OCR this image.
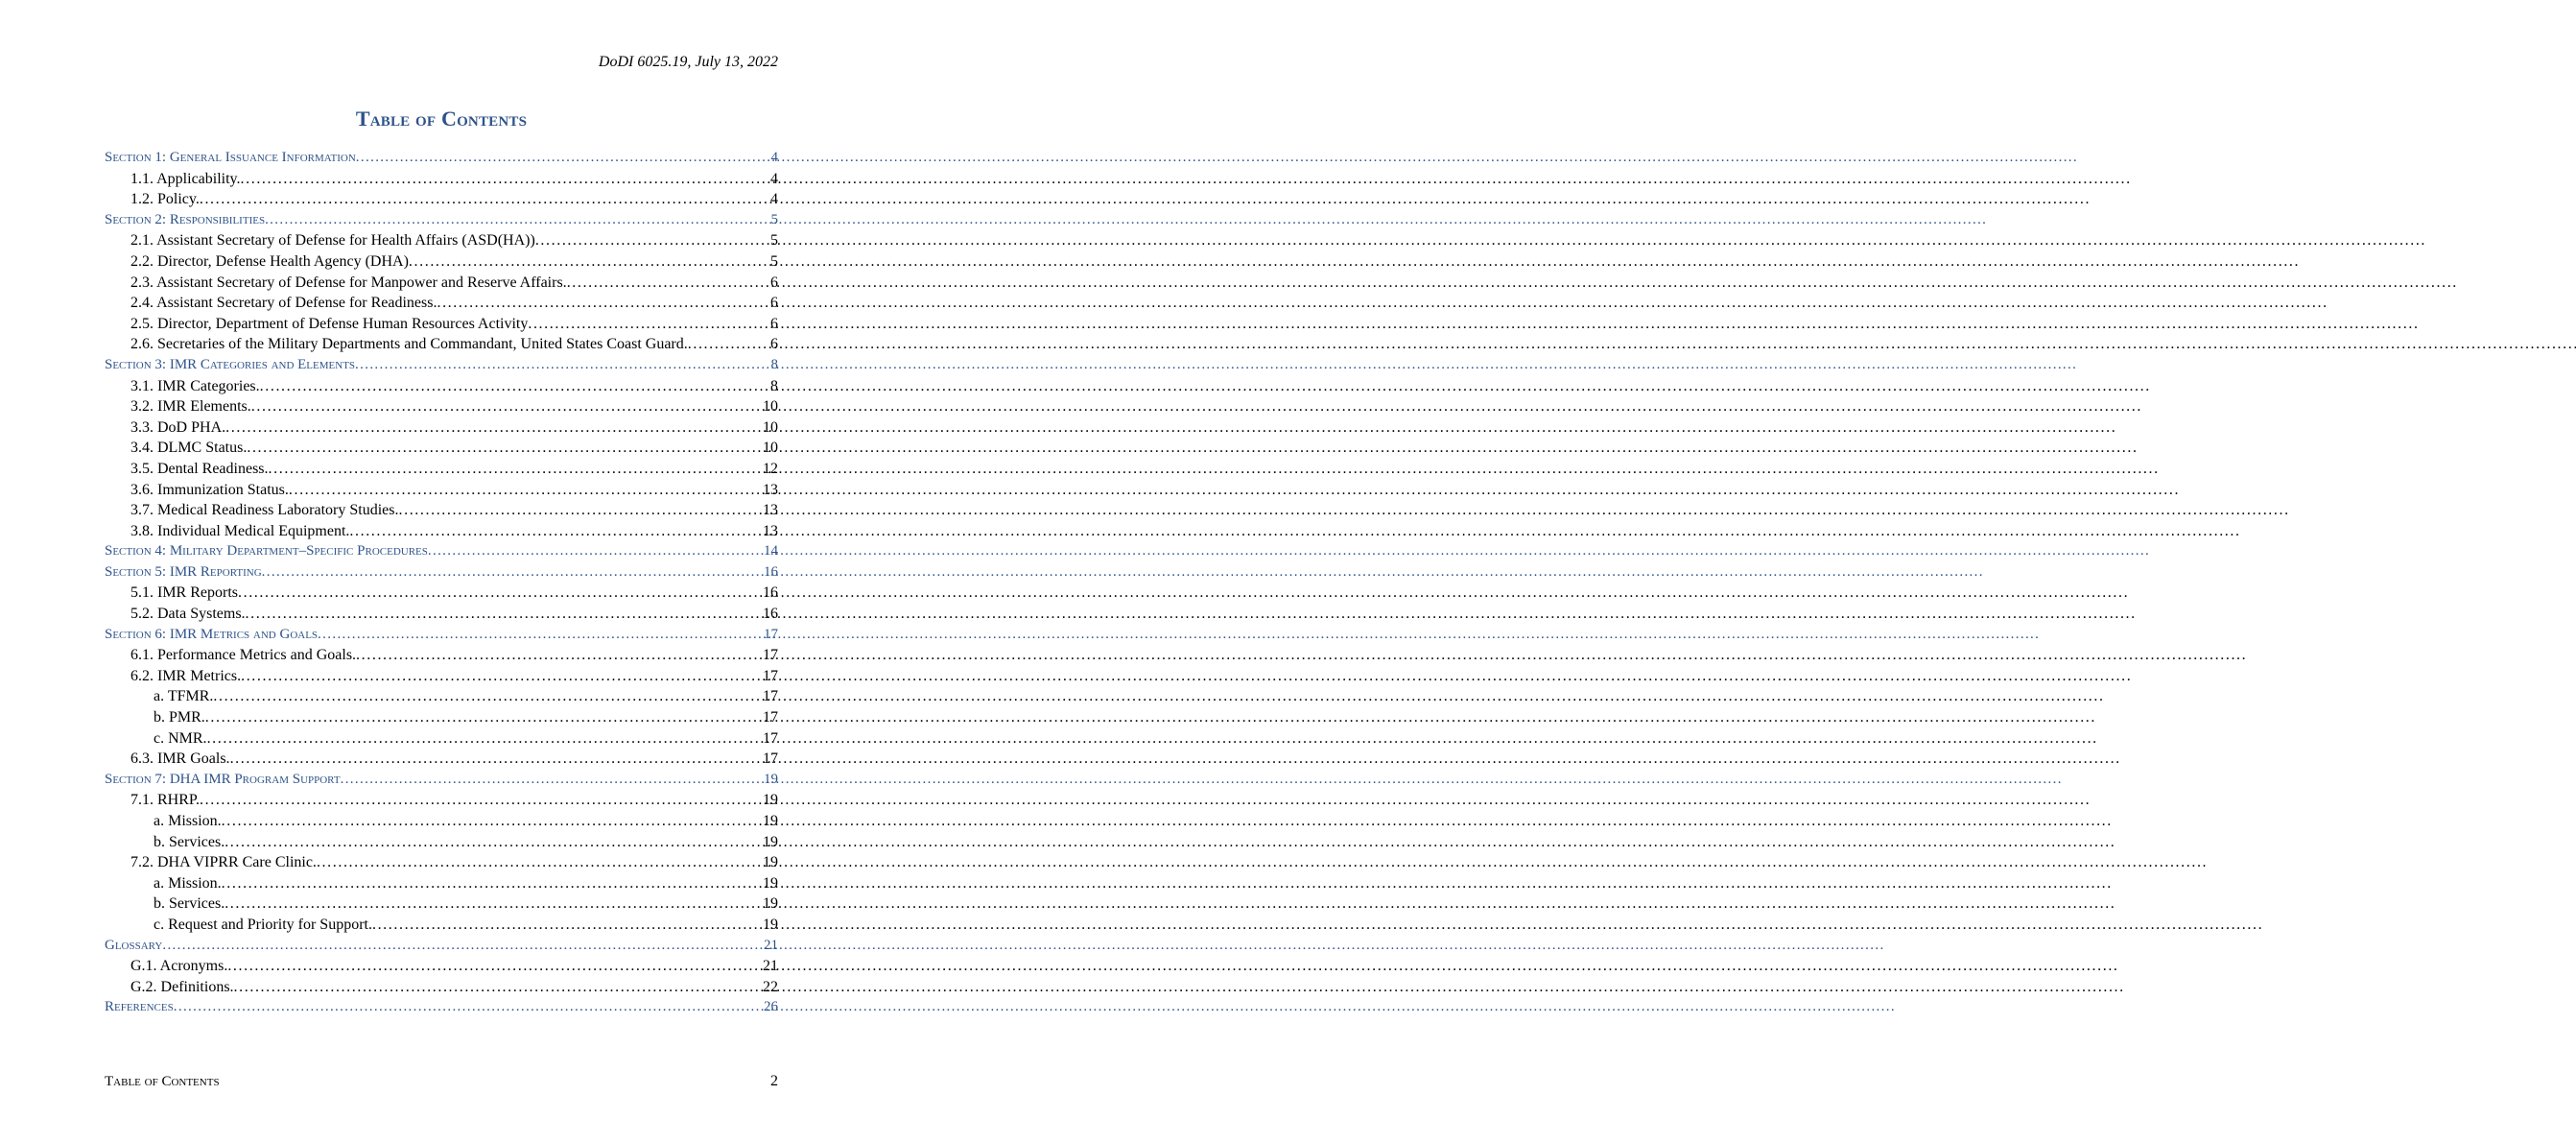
DoDI 6025.19, July 13, 2022
Table of Contents
Section 1: General Issuance Information . . .	4
1.1. Applicability. . . .	4
1.2. Policy. . . .	4
Section 2: Responsibilities . . .	5
2.1. Assistant Secretary of Defense for Health Affairs (ASD(HA)) . . .	5
2.2. Director, Defense Health Agency (DHA) . . .	5
2.3. Assistant Secretary of Defense for Manpower and Reserve Affairs. . . .	6
2.4. Assistant Secretary of Defense for Readiness. . . .	6
2.5. Director, Department of Defense Human Resources Activity . . .	6
2.6. Secretaries of the Military Departments and Commandant, United States Coast Guard. . . .	6
Section 3: IMR Categories and Elements . . .	8
3.1. IMR Categories. . . .	8
3.2. IMR Elements. . . .	10
3.3. DoD PHA. . . .	10
3.4. DLMC Status. . . .	10
3.5. Dental Readiness. . . .	12
3.6. Immunization Status. . . .	13
3.7. Medical Readiness Laboratory Studies. . . .	13
3.8. Individual Medical Equipment. . . .	13
Section 4: Military Department–Specific Procedures . . .	14
Section 5: IMR Reporting . . .	16
5.1. IMR Reports . . .	16
5.2. Data Systems. . . .	16
Section 6: IMR Metrics and Goals . . .	17
6.1. Performance Metrics and Goals. . . .	17
6.2. IMR Metrics. . . .	17
a. TFMR. . . .	17
b. PMR. . . .	17
c. NMR. . . .	17
6.3. IMR Goals. . . .	17
Section 7: DHA IMR Program Support . . .	19
7.1. RHRP. . . .	19
a. Mission. . . .	19
b. Services. . . .	19
7.2. DHA VIPRR Care Clinic. . . .	19
a. Mission. . . .	19
b. Services. . . .	19
c. Request and Priority for Support. . . .	19
Glossary . . .	21
G.1. Acronyms. . . .	21
G.2. Definitions. . . .	22
References . . .	26
Table of Contents	2
